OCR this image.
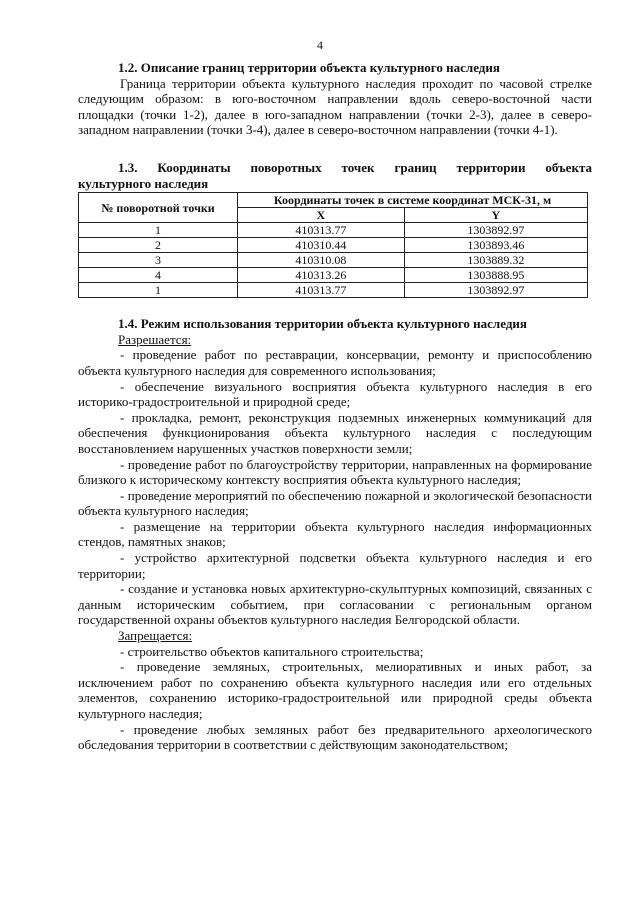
4
1.2. Описание границ территории объекта культурного наследия

Граница территории объекта культурного наследия проходит по часовой стрелке следующим образом: в юго-восточном направлении вдоль северо-восточной части площадки (точки 1-2), далее в юго-западном направлении (точки 2-3), далее в северо-западном направлении (точки 3-4), далее в северо-восточном направлении (точки 4-1).

1.3. Координаты поворотных точек границ территории объекта
культурного наследия
№ поворотной точки	Координаты точек в системе координат МСК-31, м	
	X	Y
1	410313.77	1303892.97
2	410310.44	1303893.46
3	410310.08	1303889.32
4	410313.26	1303888.95
1	410313.77	1303892.97
1.4. Режим использования территории объекта культурного наследия
Разрешается:

- проведение работ по реставрации, консервации, ремонту и приспособлению объекта культурного наследия для современного использования;

- обеспечение визуального восприятия объекта культурного наследия в его историко-градостроительной и природной среде;

- прокладка, ремонт, реконструкция подземных инженерных коммуникаций для обеспечения функционирования объекта культурного наследия с последующим восстановлением нарушенных участков поверхности земли;

- проведение работ по благоустройству территории, направленных на формирование близкого к историческому контексту восприятия объекта культурного наследия;

- проведение мероприятий по обеспечению пожарной и экологической безопасности объекта культурного наследия;

- размещение на территории объекта культурного наследия информационных стендов, памятных знаков;

- устройство архитектурной подсветки объекта культурного наследия и его территории;

- создание и установка новых архитектурно-скульптурных композиций, связанных с данным историческим событием, при согласовании с региональным органом государственной охраны объектов культурного наследия Белгородской области.

Запрещается:

- строительство объектов капитального строительства;

- проведение земляных, строительных, мелиоративных и иных работ, за исключением работ по сохранению объекта культурного наследия или его отдельных элементов, сохранению историко-градостроительной или природной среды объекта культурного наследия;

- проведение любых земляных работ без предварительного археологического обследования территории в соответствии с действующим законодательством;
